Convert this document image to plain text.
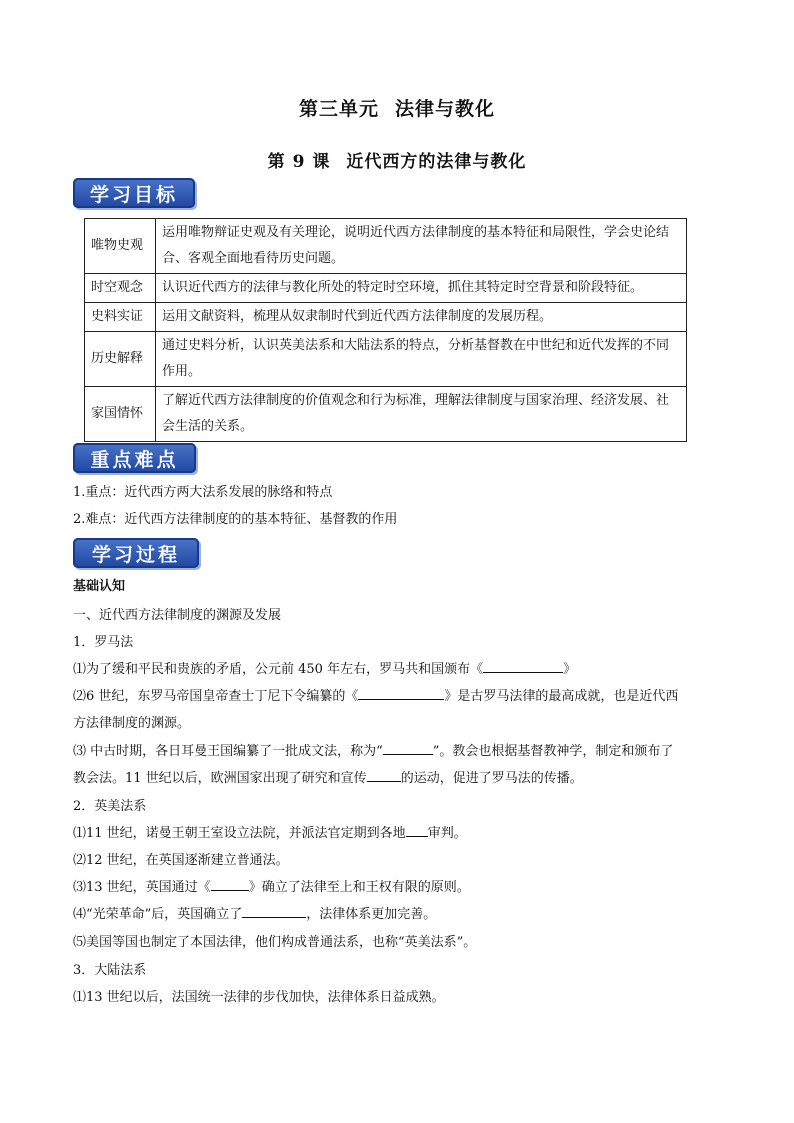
第三单元 法律与教化
第 9 课 近代西方的法律与教化
学习目标
唯物史观	运用唯物辩证史观及有关理论，说明近代西方法律制度的基本特征和局限性，学会史论结合、客观全面地看待历史问题。
时空观念	认识近代西方的法律与教化所处的特定时空环境，抓住其特定时空背景和阶段特征。
史料实证	运用文献资料，梳理从奴隶制时代到近代西方法律制度的发展历程。
历史解释	通过史料分析，认识英美法系和大陆法系的特点，分析基督教在中世纪和近代发挥的不同作用。
家国情怀	了解近代西方法律制度的价值观念和行为标准，理解法律制度与国家治理、经济发展、社会生活的关系。
重点难点
1.重点：近代西方两大法系发展的脉络和特点
2.难点：近代西方法律制度的的基本特征、基督教的作用
学习过程
基础认知
一、近代西方法律制度的渊源及发展
1．罗马法
⑴为了缓和平民和贵族的矛盾，公元前 450 年左右，罗马共和国颁布《	》
⑵6 世纪，东罗马帝国皇帝查士丁尼下令编纂的《	》是古罗马法律的最高成就，也是近代西
方法律制度的渊源。
⑶ 中古时期，各日耳曼王国编纂了一批成文法，称为“	”。教会也根据基督教神学，制定和颁布了
教会法。11 世纪以后，欧洲国家出现了研究和宣传	的运动，促进了罗马法的传播。
2．英美法系
⑴11 世纪，诺曼王朝王室设立法院，并派法官定期到各地 审判。
⑵12 世纪，在英国逐渐建立普通法。
⑶13 世纪，英国通过《	》确立了法律至上和王权有限的原则。
⑷“光荣革命”后，英国确立了	，法律体系更加完善。
⑸美国等国也制定了本国法律，他们构成普通法系，也称“英美法系”。
3．大陆法系
⑴13 世纪以后，法国统一法律的步伐加快，法律体系日益成熟。
